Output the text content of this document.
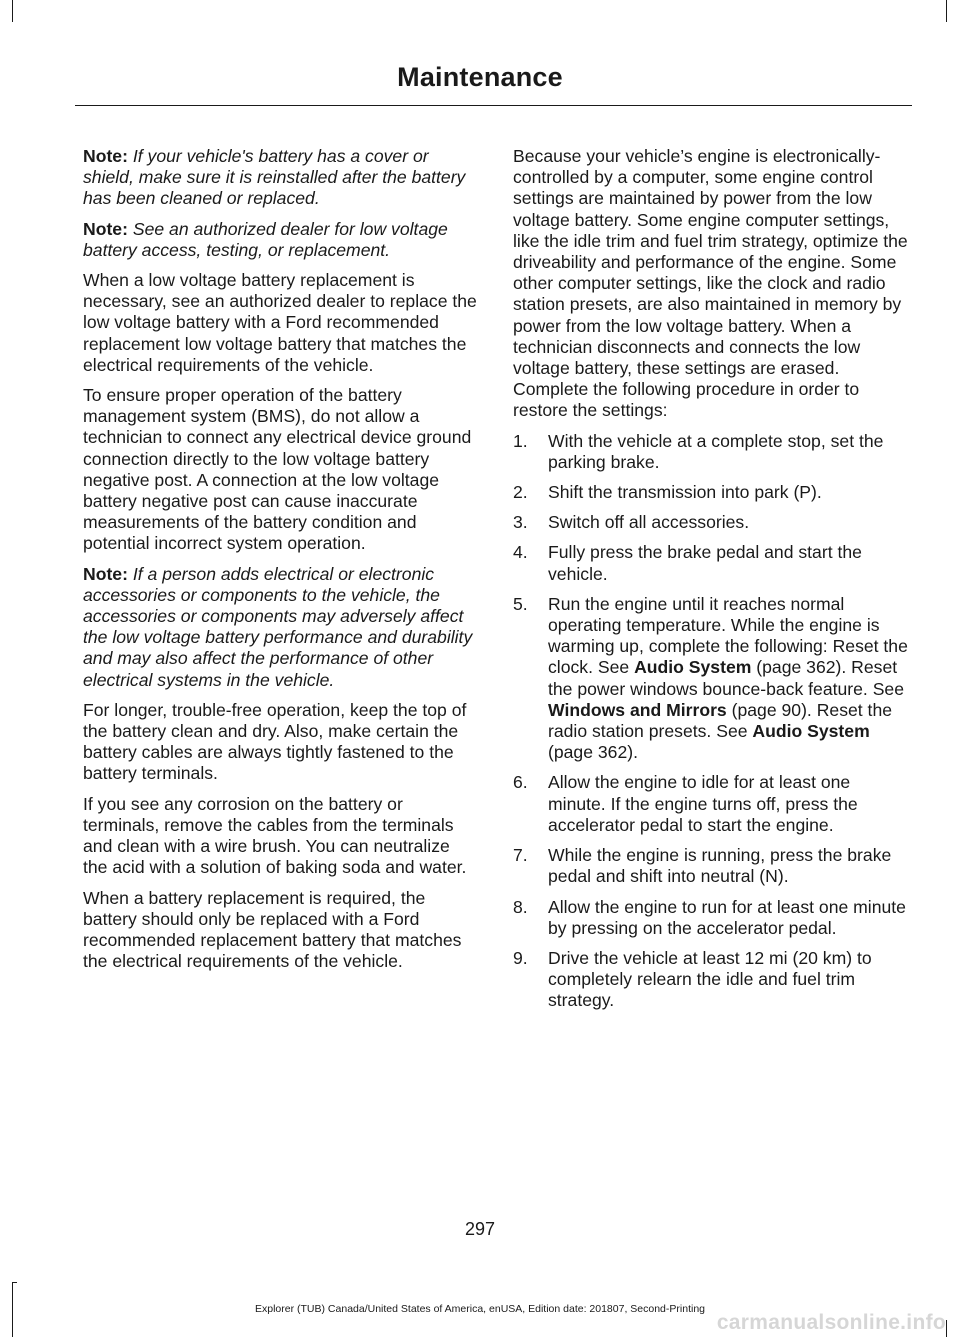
Maintenance

Note: If your vehicle's battery has a cover or shield, make sure it is reinstalled after the battery has been cleaned or replaced.

Note: See an authorized dealer for low voltage battery access, testing, or replacement.

When a low voltage battery replacement is necessary, see an authorized dealer to replace the low voltage battery with a Ford recommended replacement low voltage battery that matches the electrical requirements of the vehicle.

To ensure proper operation of the battery management system (BMS), do not allow a technician to connect any electrical device ground connection directly to the low voltage battery negative post. A connection at the low voltage battery negative post can cause inaccurate measurements of the battery condition and potential incorrect system operation.

Note: If a person adds electrical or electronic accessories or components to the vehicle, the accessories or components may adversely affect the low voltage battery performance and durability and may also affect the performance of other electrical systems in the vehicle.

For longer, trouble-free operation, keep the top of the battery clean and dry. Also, make certain the battery cables are always tightly fastened to the battery terminals.

If you see any corrosion on the battery or terminals, remove the cables from the terminals and clean with a wire brush. You can neutralize the acid with a solution of baking soda and water.

When a battery replacement is required, the battery should only be replaced with a Ford recommended replacement battery that matches the electrical requirements of the vehicle.

Because your vehicle’s engine is electronically-controlled by a computer, some engine control settings are maintained by power from the low voltage battery. Some engine computer settings, like the idle trim and fuel trim strategy, optimize the driveability and performance of the engine. Some other computer settings, like the clock and radio station presets, are also maintained in memory by power from the low voltage battery. When a technician disconnects and connects the low voltage battery, these settings are erased. Complete the following procedure in order to restore the settings:

1. With the vehicle at a complete stop, set the parking brake.
2. Shift the transmission into park (P).
3. Switch off all accessories.
4. Fully press the brake pedal and start the vehicle.
5. Run the engine until it reaches normal operating temperature. While the engine is warming up, complete the following: Reset the clock. See Audio System (page 362). Reset the power windows bounce-back feature. See Windows and Mirrors (page 90). Reset the radio station presets. See Audio System (page 362).
6. Allow the engine to idle for at least one minute. If the engine turns off, press the accelerator pedal to start the engine.
7. While the engine is running, press the brake pedal and shift into neutral (N).
8. Allow the engine to run for at least one minute by pressing on the accelerator pedal.
9. Drive the vehicle at least 12 mi (20 km) to completely relearn the idle and fuel trim strategy.
297
Explorer (TUB) Canada/United States of America, enUSA, Edition date: 201807, Second-Printing
carmanualsonline.info
